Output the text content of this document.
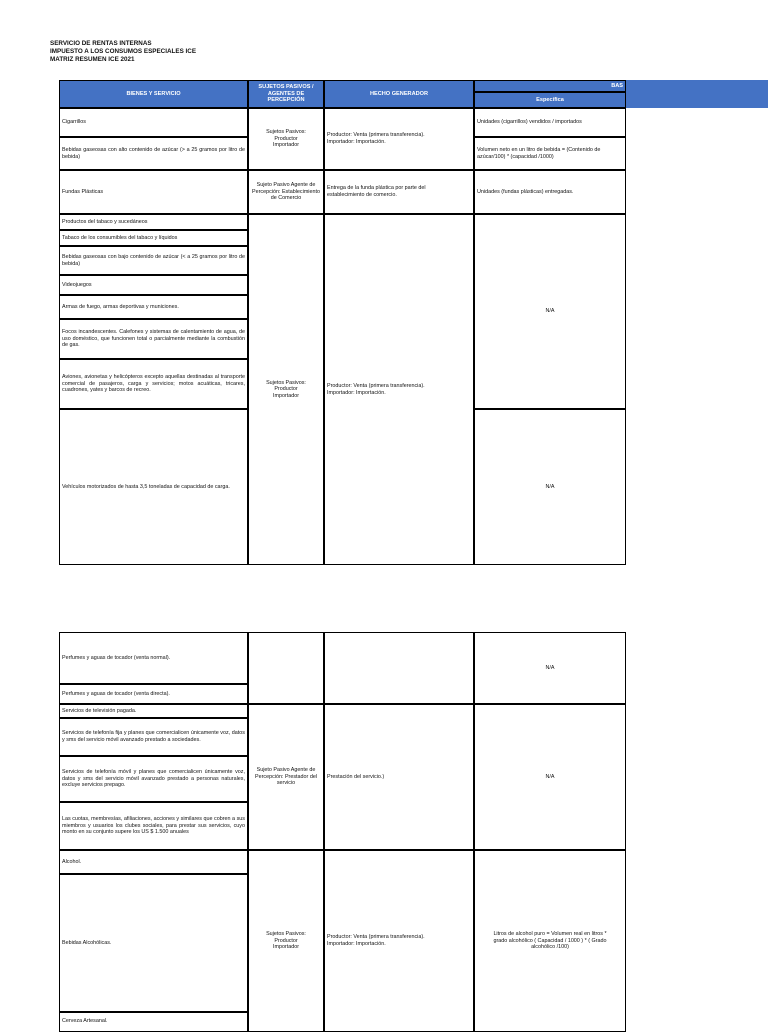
SERVICIO DE RENTAS INTERNAS
IMPUESTO A LOS CONSUMOS ESPECIALES ICE
MATRIZ RESUMEN ICE 2021
BIENES Y SERVICIO
SUJETOS PASIVOS / AGENTES DE PERCEPCIÓN
HECHO GENERADOR
BAS
Específica
Cigarrillos
Bebidas gaseosas con alto contenido de azúcar (> a 25 gramos por litro de bebida)
Fundas Plásticas
Productos del tabaco y sucedáneos
Tabaco de los consumibles del tabaco y líquidos
Bebidas gaseosas con bajo contenido de azúcar (< a 25 gramos por litro de bebida)
Videojuegos
Armas de fuego, armas deportivas y municiones.
Focos incandescentes. Calefones y sistemas de calentamiento de agua, de uso doméstico, que funcionen total o parcialmente mediante la combustión de gas.
Aviones, avionetas y helicópteros excepto aquellas destinadas al transporte comercial de pasajeros, carga y servicios; motos acuáticas, tricares, cuadrones, yates y barcos de recreo.
Vehículos motorizados de hasta 3,5 toneladas de capacidad de carga.
Sujetos Pasivos: Productor Importador
Sujeto Pasivo Agente de Percepción: Establecimiento de Comercio
Sujetos Pasivos: Productor Importador
Productor: Venta (primera transferencia). Importador: Importación.
Entrega de la funda plástica por parte del establecimiento de comercio.
Productor: Venta (primera transferencia). Importador: Importación.
Unidades (cigarrillos) vendidos / importados
Volumen neto en un litro de bebida = (Contenido de azúcar/100) * (capacidad /1000)
Unidades (fundas plásticas) entregadas.
N/A
N/A
Perfumes y aguas de tocador (venta normal).
Perfumes y aguas de tocador (venta directa).
Servicios de televisión pagada.
Servicios de telefonía fija y planes que comercialicen únicamente voz, datos y sms del servicio móvil avanzado prestado a sociedades.
Servicios de telefonía móvil y planes que comercialicen únicamente voz, datos y sms del servicio móvil avanzado prestado a personas naturales, excluye servicios prepago.
Las cuotas, membresías, afiliaciones, acciones y similares que cobren a sus miembros y usuarios los clubes sociales, para prestar sus servicios, cuyo monto en su conjunto supere los US $ 1.500 anuales
Alcohol.
Bebidas Alcohólicas.
Cerveza Artesanal.
Sujeto Pasivo Agente de Percepción: Prestador del servicio
Sujetos Pasivos: Productor Importador
Prestación del servicio.)
Productor: Venta (primera transferencia). Importador: Importación.
N/A
N/A
Litros de alcohol puro = Volumen real en litros * grado alcohólico ( Capacidad / 1000 ) * ( Grado alcohólico /100)
